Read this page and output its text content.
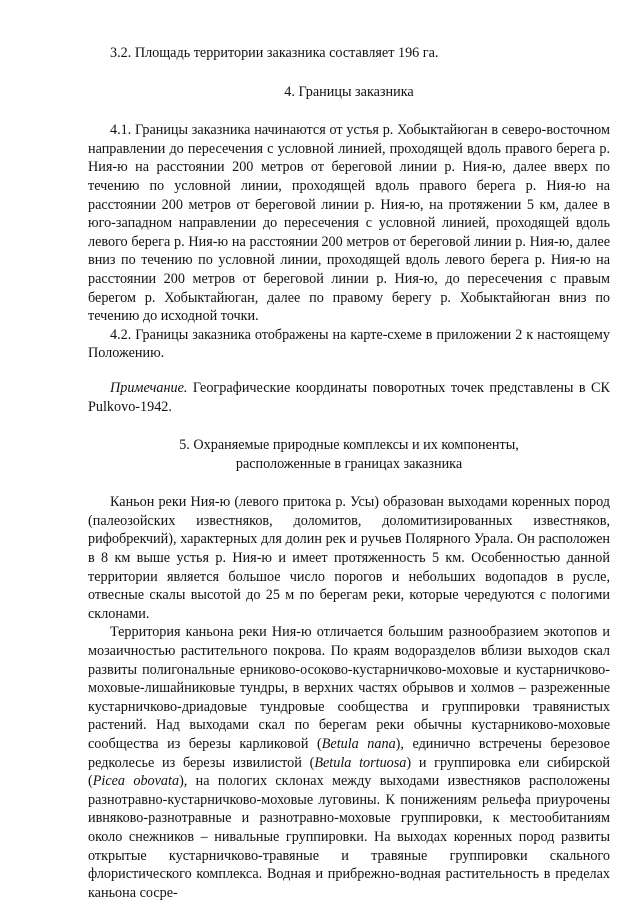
3.2. Площадь территории заказника составляет 196 га.

4. Границы заказника

4.1. Границы заказника начинаются от устья р. Хобыктайюган в северо-восточном направлении до пересечения с условной линией, проходящей вдоль правого берега р. Ния-ю на расстоянии 200 метров от береговой линии р. Ния-ю, далее вверх по течению по условной линии, проходящей вдоль правого берега р. Ния-ю на расстоянии 200 метров от береговой линии р. Ния-ю, на протяжении 5 км, далее в юго-западном направлении до пересечения с условной линией, проходящей вдоль левого берега р. Ния-ю на расстоянии 200 метров от береговой линии р. Ния-ю, далее вниз по течению по условной линии, проходящей вдоль левого берега р. Ния-ю на расстоянии 200 метров от береговой линии р. Ния-ю, до пересечения с правым берегом р. Хобыктайюган, далее по правому берегу р. Хобыктайюган вниз по течению до исходной точки.

4.2. Границы заказника отображены на карте-схеме в приложении 2 к настоящему Положению.

Примечание. Географические координаты поворотных точек представлены в СК Pulkovo-1942.

5. Охраняемые природные комплексы и их компоненты,

расположенные в границах заказника

Каньон реки Ния-ю (левого притока р. Усы) образован выходами коренных пород (палеозойских известняков, доломитов, доломитизированных известняков, рифобрекчий), характерных для долин рек и ручьев Полярного Урала. Он расположен в 8 км выше устья р. Ния-ю и имеет протяженность 5 км. Особенностью данной территории является большое число порогов и небольших водопадов в русле, отвесные скалы высотой до 25 м по берегам реки, которые чередуются с пологими склонами.

Территория каньона реки Ния-ю отличается большим разнообразием экотопов и мозаичностью растительного покрова. По краям водоразделов вблизи выходов скал развиты полигональные ерниково-осоково-кустарничково-моховые и кустарничково-моховые-лишайниковые тундры, в верхних частях обрывов и холмов – разреженные кустарничково-дриадовые тундровые сообщества и группировки травянистых растений. Над выходами скал по берегам реки обычны кустарниково-моховые сообщества из березы карликовой (Betula nana), единично встречены березовое редколесье из березы извилистой (Betula tortuosa) и группировка ели сибирской (Picea obovata), на пологих склонах между выходами известняков расположены разнотравно-кустарничково-моховые луговины. К понижениям рельефа приурочены ивняково-разнотравные и разнотравно-моховые группировки, к местообитаниям около снежников – нивальные группировки. На выходах коренных пород развиты открытые кустарничково-травяные и травяные группировки скального флористического комплекса. Водная и прибрежно-водная растительность в пределах каньона сосре-
